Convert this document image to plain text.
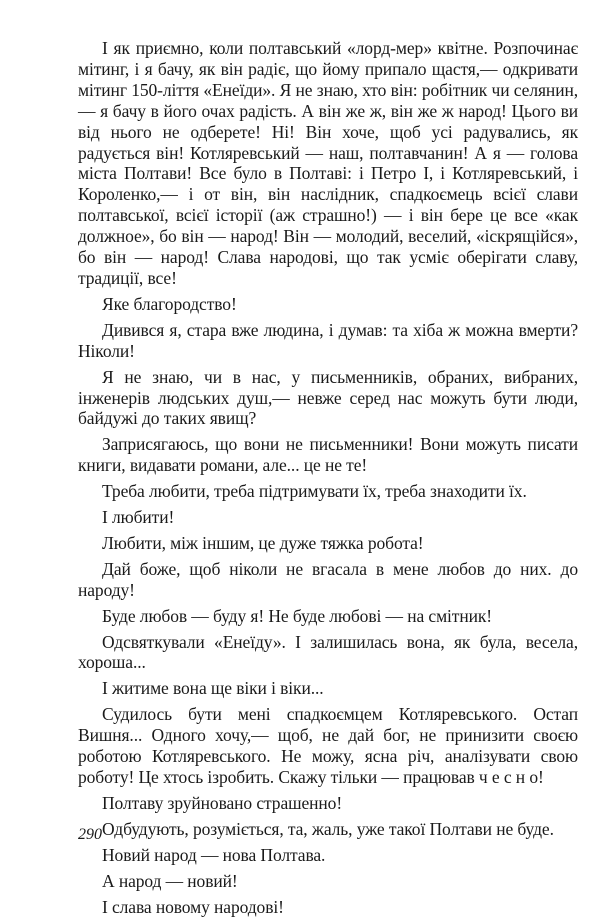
І як приємно, коли полтавський «лорд-мер» квітне. Розпочинає мітинг, і я бачу, як він радіє, що йому припало щастя,— одкривати мітинг 150-ліття «Енеїди». Я не знаю, хто він: робітник чи селянин,— я бачу в його очах радість. А він же ж, він же ж народ! Цього ви від нього не одберете! Ні! Він хоче, щоб усі радувались, як радується він! Котляревський — наш, полтавчанин! А я — голова міста Полтави! Все було в Полтаві: і Петро І, і Котляревський, і Короленко,— і от він, він наслідник, спадкоємець всієї слави полтавської, всієї історії (аж страшно!) — і він бере це все «как должное», бо він — народ! Він — молодий, веселий, «іскрящійся», бо він — народ! Слава народові, що так усміє оберігати славу, традиції, все!

Яке благородство!

Дивився я, стара вже людина, і думав: та хіба ж можна вмерти? Ніколи!

Я не знаю, чи в нас, у письменників, обраних, вибраних, інженерів людських душ,— невже серед нас можуть бути люди, байдужі до таких явищ?

Заприсягаюсь, що вони не письменники! Вони можуть писати книги, видавати романи, але... це не те!

Треба любити, треба підтримувати їх, треба знаходити їх.

І любити!

Любити, між іншим, це дуже тяжка робота!

Дай боже, щоб ніколи не вгасала в мене любов до них. до народу!

Буде любов — буду я! Не буде любові — на смітник!

Одсвяткували «Енеїду». І залишилась вона, як була, весела, хороша...

І житиме вона ще віки і віки...

Судилось бути мені спадкоємцем Котляревського. Остап Вишня... Одного хочу,— щоб, не дай бог, не принизити своєю роботою Котляревського. Не можу, ясна річ, аналізувати свою роботу! Це хтось ізробить. Скажу тільки — працював ч е с н о!

Полтаву зруйновано страшенно!

Одбудують, розуміється, та, жаль, уже такої Полтави не буде.

Новий народ — нова Полтава.

А народ — новий!

І слава новому народові!

290
